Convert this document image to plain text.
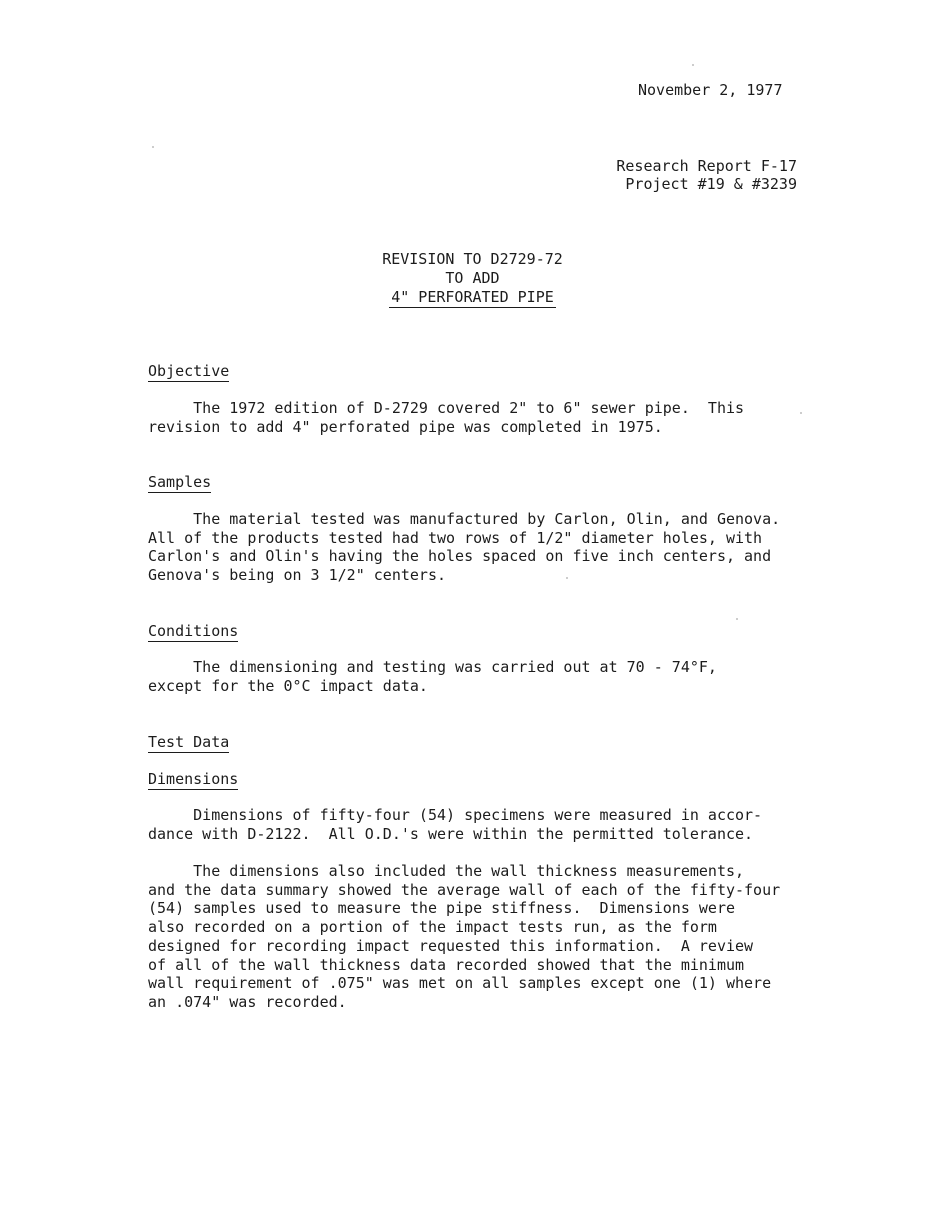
November 2, 1977
Research Report F-17
Project #19 & #3239
REVISION TO D2729-72
TO ADD
4" PERFORATED PIPE
Objective
The 1972 edition of D-2729 covered 2" to 6" sewer pipe.  This
revision to add 4" perforated pipe was completed in 1975.
Samples
The material tested was manufactured by Carlon, Olin, and Genova.
All of the products tested had two rows of 1/2" diameter holes, with
Carlon's and Olin's having the holes spaced on five inch centers, and
Genova's being on 3 1/2" centers.
Conditions
The dimensioning and testing was carried out at 70 - 74°F,
except for the 0°C impact data.
Test Data
Dimensions
Dimensions of fifty-four (54) specimens were measured in accor-
dance with D-2122.  All O.D.'s were within the permitted tolerance.
The dimensions also included the wall thickness measurements,
and the data summary showed the average wall of each of the fifty-four
(54) samples used to measure the pipe stiffness.  Dimensions were
also recorded on a portion of the impact tests run, as the form
designed for recording impact requested this information.  A review
of all of the wall thickness data recorded showed that the minimum
wall requirement of .075" was met on all samples except one (1) where
an .074" was recorded.
